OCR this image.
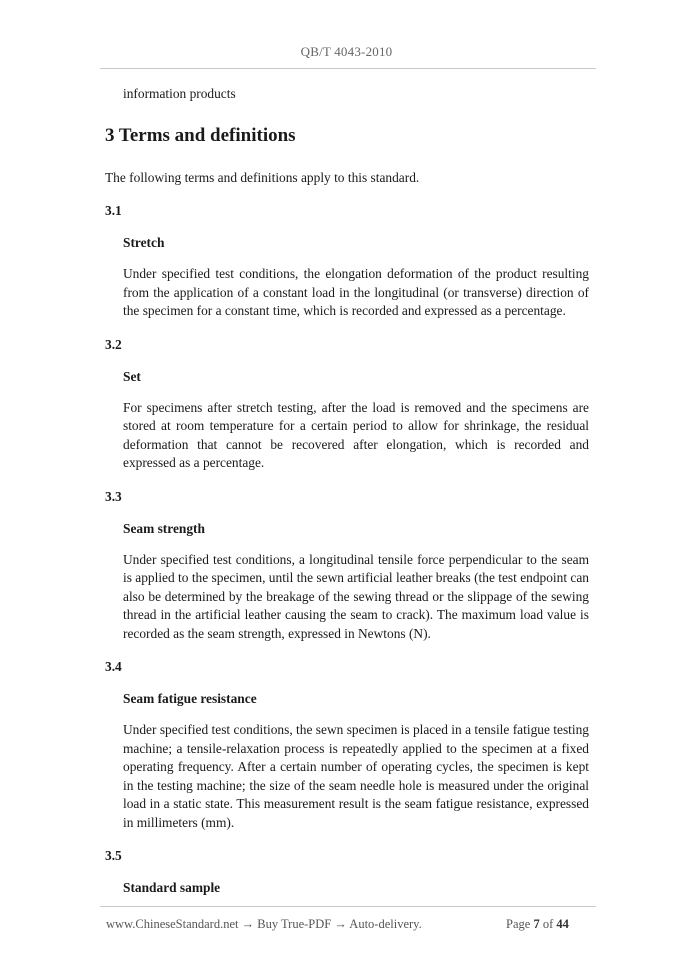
QB/T 4043-2010

information products

3 Terms and definitions

The following terms and definitions apply to this standard.

3.1
Stretch

Under specified test conditions, the elongation deformation of the product resulting from the application of a constant load in the longitudinal (or transverse) direction of the specimen for a constant time, which is recorded and expressed as a percentage.

3.2
Set

For specimens after stretch testing, after the load is removed and the specimens are stored at room temperature for a certain period to allow for shrinkage, the residual deformation that cannot be recovered after elongation, which is recorded and expressed as a percentage.

3.3
Seam strength

Under specified test conditions, a longitudinal tensile force perpendicular to the seam is applied to the specimen, until the sewn artificial leather breaks (the test endpoint can also be determined by the breakage of the sewing thread or the slippage of the sewing thread in the artificial leather causing the seam to crack). The maximum load value is recorded as the seam strength, expressed in Newtons (N).

3.4
Seam fatigue resistance

Under specified test conditions, the sewn specimen is placed in a tensile fatigue testing machine; a tensile-relaxation process is repeatedly applied to the specimen at a fixed operating frequency. After a certain number of operating cycles, the specimen is kept in the testing machine; the size of the seam needle hole is measured under the original load in a static state. This measurement result is the seam fatigue resistance, expressed in millimeters (mm).

3.5
Standard sample
www.ChineseStandard.net → Buy True-PDF → Auto-delivery.	Page 7 of 44
